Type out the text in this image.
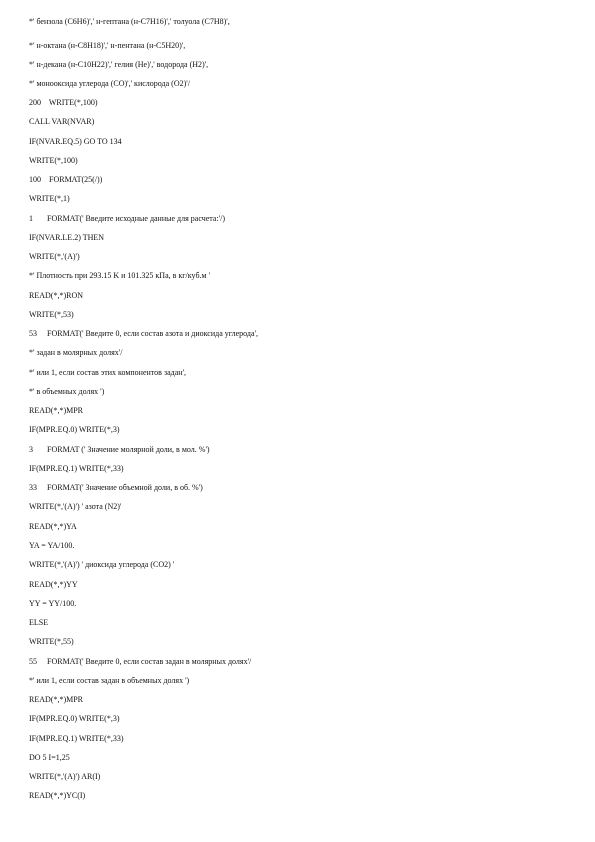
*' бензола (C6H6)',' н-гептана (н-C7H16)',' толуола (C7H8)',
*' н-октана (н-C8H18)',' н-пентана (н-C5H20)',
*' н-декана (н-C10H22)',' гелия (He)',' водорода (H2)',
*' монооксида углерода (CO)',' кислорода (O2)'/
200    WRITE(*,100)
CALL VAR(NVAR)
IF(NVAR.EQ.5) GO TO 134
WRITE(*,100)
100    FORMAT(25(/))
WRITE(*,1)
1       FORMAT(' Введите исходные данные для расчета:'/)
IF(NVAR.LE.2) THEN
WRITE(*,'(A)')
*' Плотность при 293.15 K и 101.325 кПа, в кг/куб.м '
READ(*,*)RON
WRITE(*,53)
53     FORMAT(' Введите 0, если состав азота и диоксида углерода',
*' задан в молярных долях'/
*' или 1, если состав этих компонентов задан',
*' в объемных долях ')
READ(*,*)MPR
IF(MPR.EQ.0) WRITE(*,3)
3       FORMAT (' Значение молярной доли, в мол. %')
IF(MPR.EQ.1) WRITE(*,33)
33     FORMAT(' Значение объемной доли, в об. %')
WRITE(*,'(A)') ' азота (N2)'
READ(*,*)YA
YA = YA/100.
WRITE(*,'(A)') ' диоксида углерода (CO2) '
READ(*,*)YY
YY = YY/100.
ELSE
WRITE(*,55)
55     FORMAT(' Введите 0, если состав задан в молярных долях'/
*' или 1, если состав задан в объемных долях ')
READ(*,*)MPR
IF(MPR.EQ.0) WRITE(*,3)
IF(MPR.EQ.1) WRITE(*,33)
DO 5 I=1,25
WRITE(*,'(A)') AR(I)
READ(*,*)YC(I)
